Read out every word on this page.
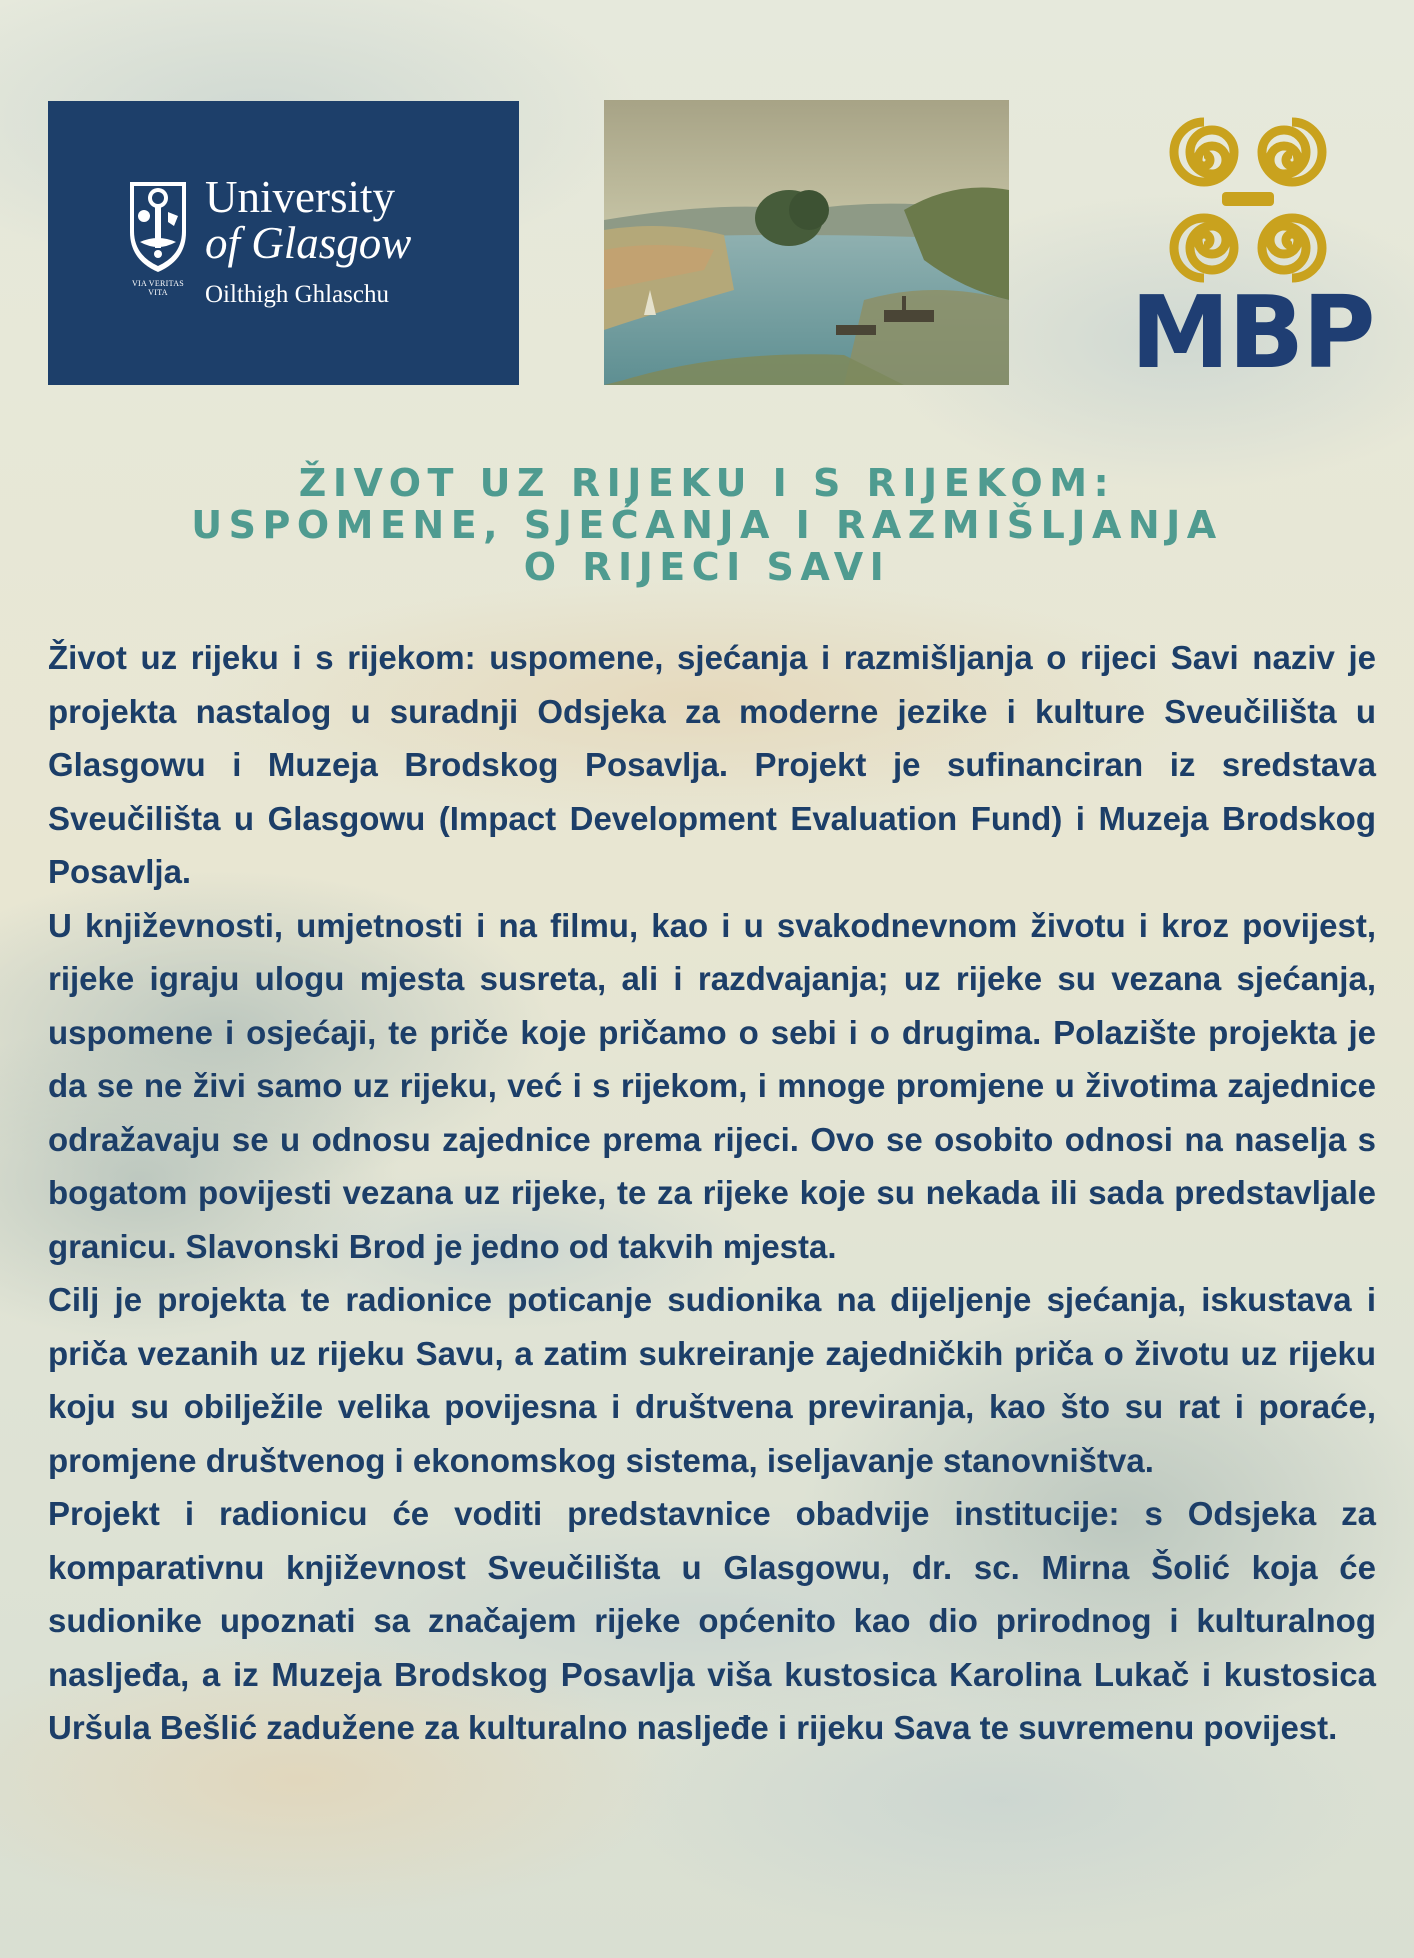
VIA VERITAS VITA
University
of Glasgow
Oilthigh Ghlaschu	MBP
ŽIVOT UZ RIJEKU I S RIJEKOM:
USPOMENE, SJEĆANJA I RAZMIŠLJANJA
O RIJECI SAVI

Život uz rijeku i s rijekom: uspomene, sjećanja i razmišljanja o rijeci Savi naziv je projekta nastalog u suradnji Odsjeka za moderne jezike i kulture Sveučilišta u Glasgowu i Muzeja Brodskog Posavlja. Projekt je sufinanciran iz sredstava Sveučilišta u Glasgowu (Impact Development Evaluation Fund) i Muzeja Brodskog Posavlja.

U književnosti, umjetnosti i na filmu, kao i u svakodnevnom životu i kroz povijest, rijeke igraju ulogu mjesta susreta, ali i razdvajanja; uz rijeke su vezana sjećanja, uspomene i osjećaji, te priče koje pričamo o sebi i o drugima. Polazište projekta je da se ne živi samo uz rijeku, već i s rijekom, i mnoge promjene u životima zajednice odražavaju se u odnosu zajednice prema rijeci. Ovo se osobito odnosi na naselja s bogatom povijesti vezana uz rijeke, te za rijeke koje su nekada ili sada predstavljale granicu. Slavonski Brod je jedno od takvih mjesta.

Cilj je projekta te radionice poticanje sudionika na dijeljenje sjećanja, iskustava i priča vezanih uz rijeku Savu, a zatim sukreiranje zajedničkih priča o životu uz rijeku koju su obilježile velika povijesna i društvena previranja, kao što su rat i poraće, promjene društvenog i ekonomskog sistema, iseljavanje stanovništva.

Projekt i radionicu će voditi predstavnice obadvije institucije: s Odsjeka za komparativnu književnost Sveučilišta u Glasgowu, dr. sc. Mirna Šolić koja će sudionike upoznati sa značajem rijeke općenito kao dio prirodnog i kulturalnog nasljeđa, a iz Muzeja Brodskog Posavlja viša kustosica Karolina Lukač i kustosica Uršula Bešlić zadužene za kulturalno nasljeđe i rijeku Sava te suvremenu povijest.
